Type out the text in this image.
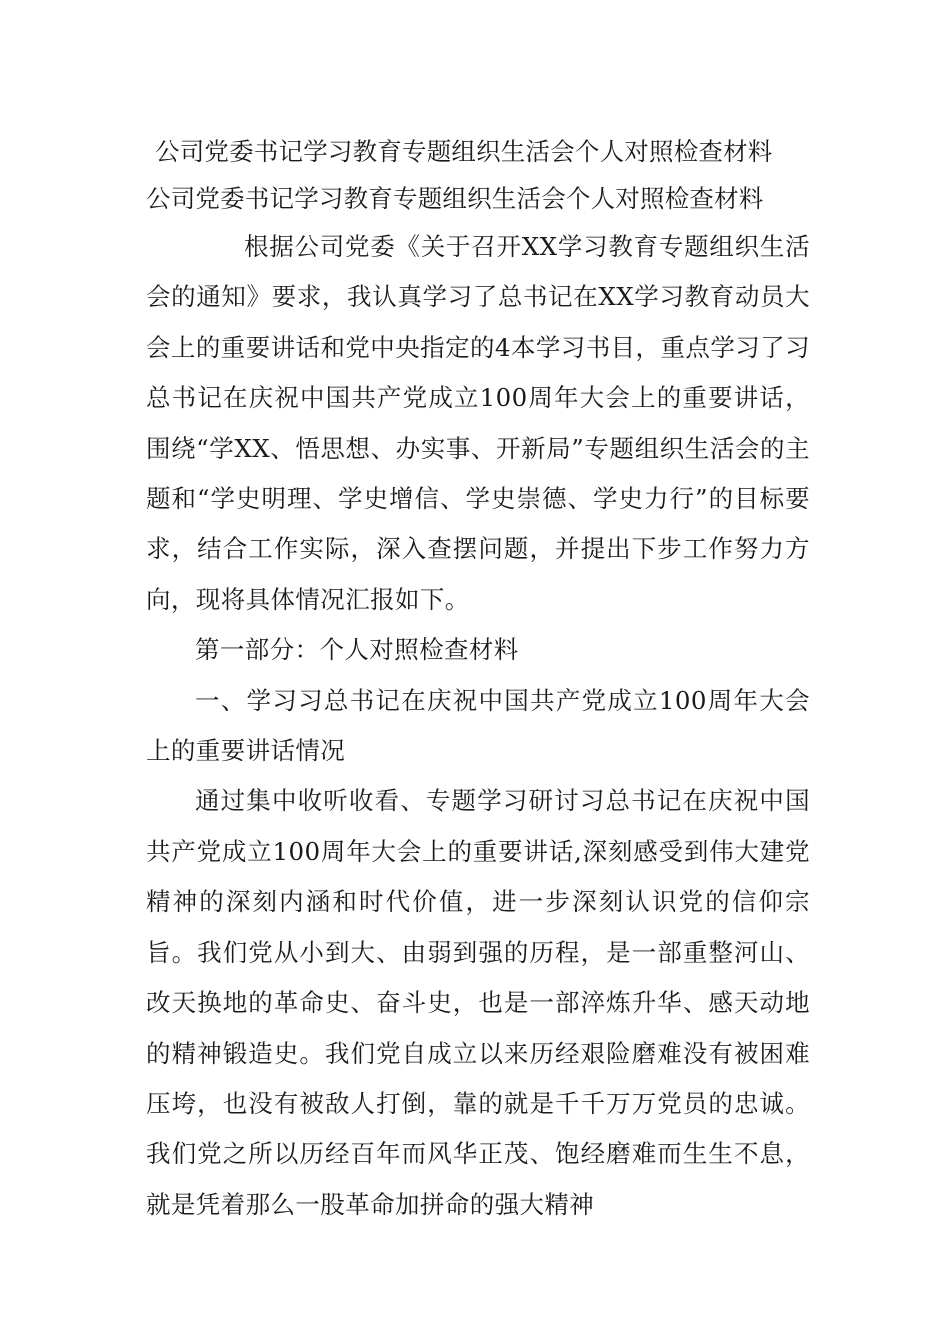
公司党委书记学习教育专题组织生活会个人对照检查材料
公司党委书记学习教育专题组织生活会个人对照检查材料

根据公司党委《关于召开XX学习教育专题组织生活会的通知》要求，我认真学习了总书记在XX学习教育动员大会上的重要讲话和党中央指定的4本学习书目，重点学习了习总书记在庆祝中国共产党成立100周年大会上的重要讲话，围绕“学XX、悟思想、办实事、开新局”专题组织生活会的主题和“学史明理、学史增信、学史崇德、学史力行”的目标要求，结合工作实际，深入查摆问题，并提出下步工作努力方向，现将具体情况汇报如下。

第一部分：个人对照检查材料

一、学习习总书记在庆祝中国共产党成立100周年大会上的重要讲话情况

通过集中收听收看、专题学习研讨习总书记在庆祝中国共产党成立100周年大会上的重要讲话,深刻感受到伟大建党精神的深刻内涵和时代价值，进一步深刻认识党的信仰宗旨。我们党从小到大、由弱到强的历程，是一部重整河山、改天换地的革命史、奋斗史，也是一部淬炼升华、感天动地的精神锻造史。我们党自成立以来历经艰险磨难没有被困难压垮，也没有被敌人打倒，靠的就是千千万万党员的忠诚。我们党之所以历经百年而风华正茂、饱经磨难而生生不息，就是凭着那么一股革命加拼命的强大精神
